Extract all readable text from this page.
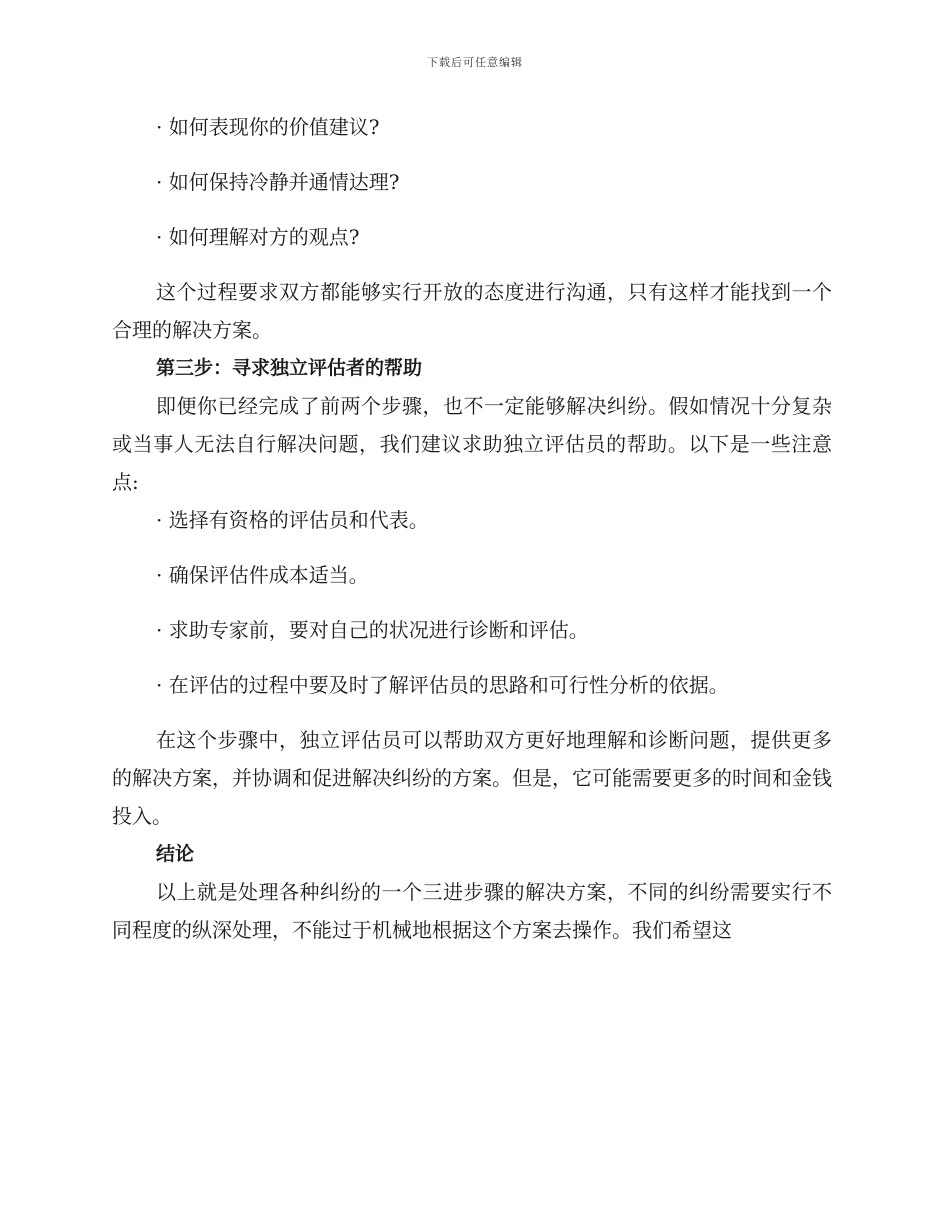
下载后可任意编辑

· 如何表现你的价值建议?

· 如何保持冷静并通情达理?

· 如何理解对方的观点?

这个过程要求双方都能够实行开放的态度进行沟通，只有这样才能找到一个合理的解决方案。

第三步：寻求独立评估者的帮助

即便你已经完成了前两个步骤，也不一定能够解决纠纷。假如情况十分复杂或当事人无法自行解决问题，我们建议求助独立评估员的帮助。以下是一些注意点:

· 选择有资格的评估员和代表。

· 确保评估件成本适当。

· 求助专家前，要对自己的状况进行诊断和评估。

· 在评估的过程中要及时了解评估员的思路和可行性分析的依据。

在这个步骤中，独立评估员可以帮助双方更好地理解和诊断问题，提供更多的解决方案，并协调和促进解决纠纷的方案。但是，它可能需要更多的时间和金钱投入。

结论

以上就是处理各种纠纷的一个三进步骤的解决方案，不同的纠纷需要实行不同程度的纵深处理，不能过于机械地根据这个方案去操作。我们希望这
